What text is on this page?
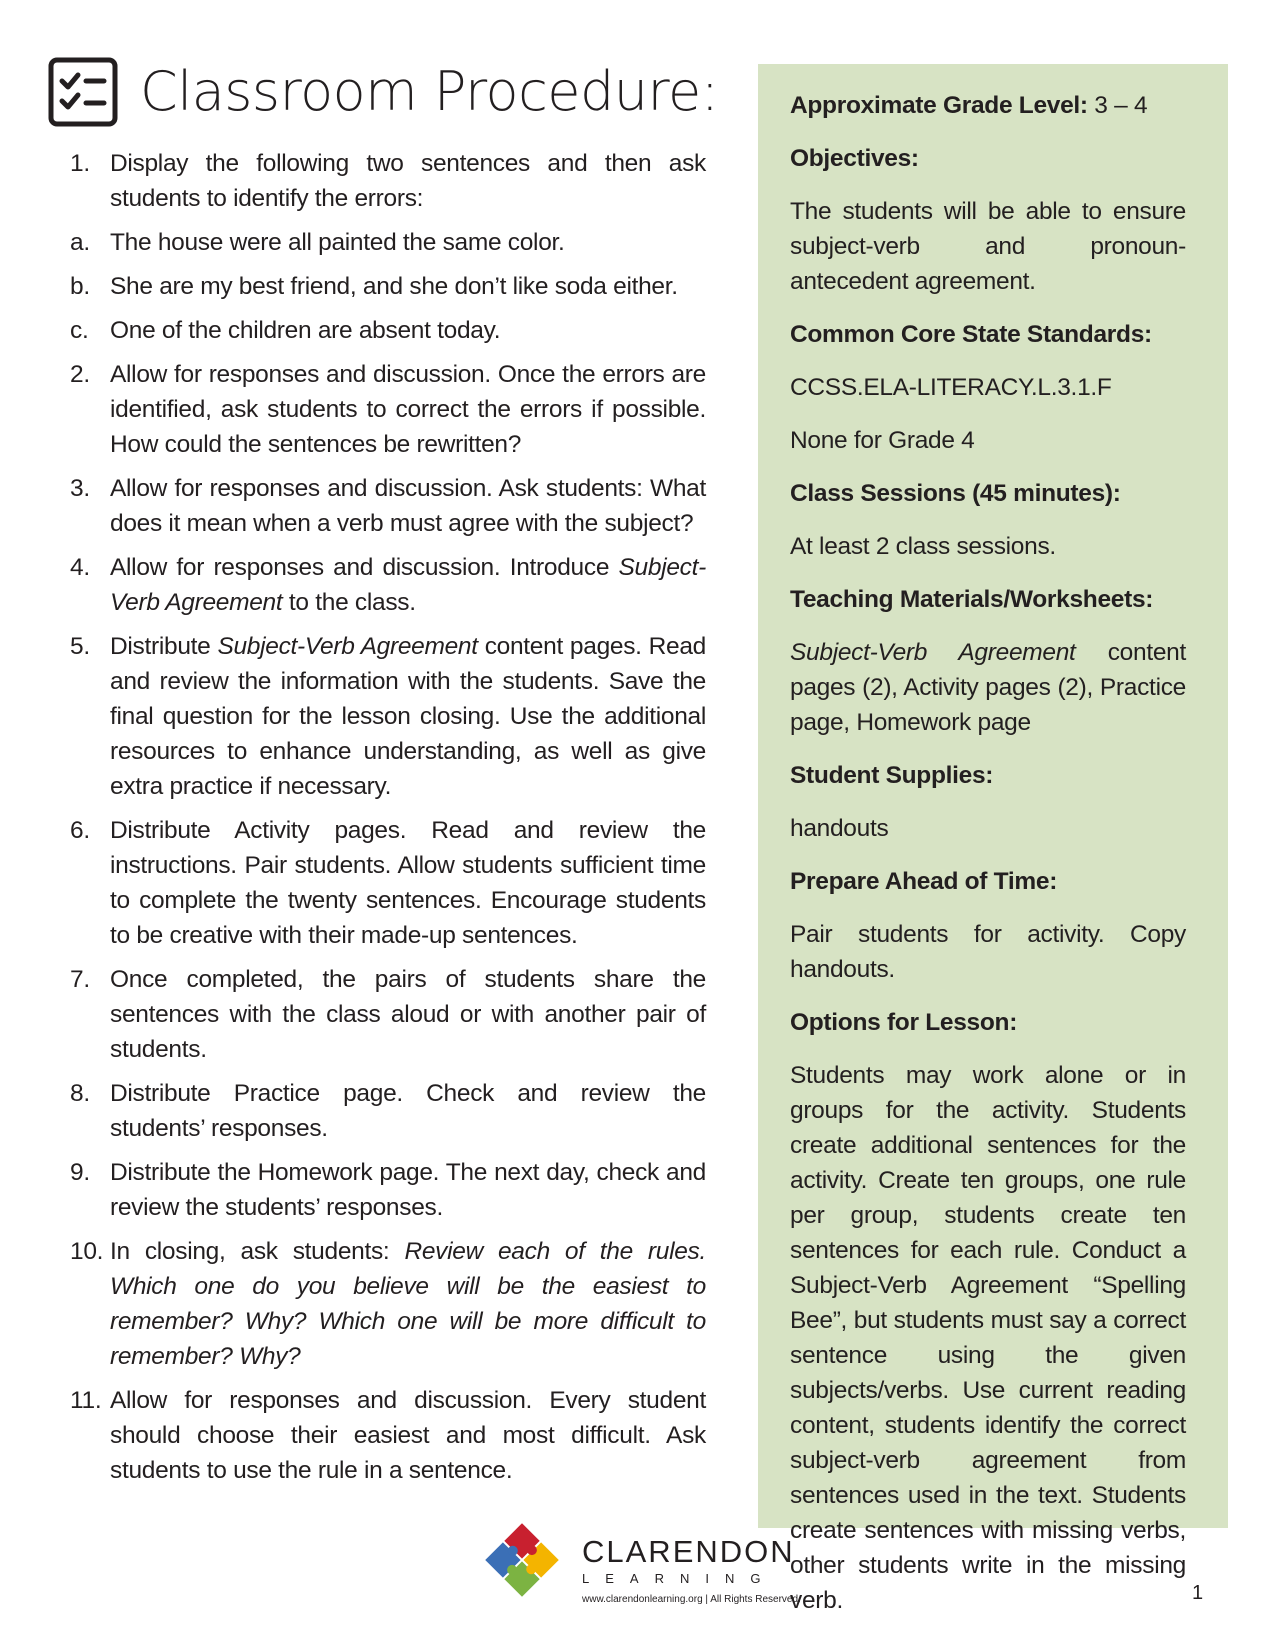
Classroom Procedure:
1. Display the following two sentences and then ask students to identify the errors:
a. The house were all painted the same color.
b. She are my best friend, and she don’t like soda either.
c. One of the children are absent today.
2. Allow for responses and discussion. Once the errors are identified, ask students to correct the errors if possible. How could the sentences be rewritten?
3. Allow for responses and discussion. Ask students: What does it mean when a verb must agree with the subject?
4. Allow for responses and discussion. Introduce Subject-Verb Agreement to the class.
5. Distribute Subject-Verb Agreement content pages. Read and review the information with the students. Save the final question for the lesson closing. Use the additional resources to enhance understanding, as well as give extra practice if necessary.
6. Distribute Activity pages. Read and review the instructions. Pair students. Allow students sufficient time to complete the twenty sentences. Encourage students to be creative with their made-up sentences.
7. Once completed, the pairs of students share the sentences with the class aloud or with another pair of students.
8. Distribute Practice page. Check and review the students’ responses.
9. Distribute the Homework page. The next day, check and review the students’ responses.
10. In closing, ask students: Review each of the rules. Which one do you believe will be the easiest to remember? Why? Which one will be more difficult to remember? Why?
11. Allow for responses and discussion. Every student should choose their easiest and most difficult. Ask students to use the rule in a sentence.
Approximate Grade Level: 3 – 4
Objectives:
The students will be able to ensure subject-verb and pronoun-antecedent agreement.
Common Core State Standards:
CCSS.ELA-LITERACY.L.3.1.F
None for Grade 4
Class Sessions (45 minutes):
At least 2 class sessions.
Teaching Materials/Worksheets:
Subject-Verb Agreement content pages (2), Activity pages (2), Practice page, Homework page
Student Supplies:
handouts
Prepare Ahead of Time:
Pair students for activity. Copy handouts.
Options for Lesson:
Students may work alone or in groups for the activity. Students create additional sentences for the activity. Create ten groups, one rule per group, students create ten sentences for each rule. Conduct a Subject-Verb Agreement “Spelling Bee”, but students must say a correct sentence using the given subjects/verbs. Use current reading content, students identify the correct subject-verb agreement from sentences used in the text. Students create sentences with missing verbs, other students write in the missing verb.
CLARENDON
LEARNING
www.clarendonlearning.org | All Rights Reserved.	1
